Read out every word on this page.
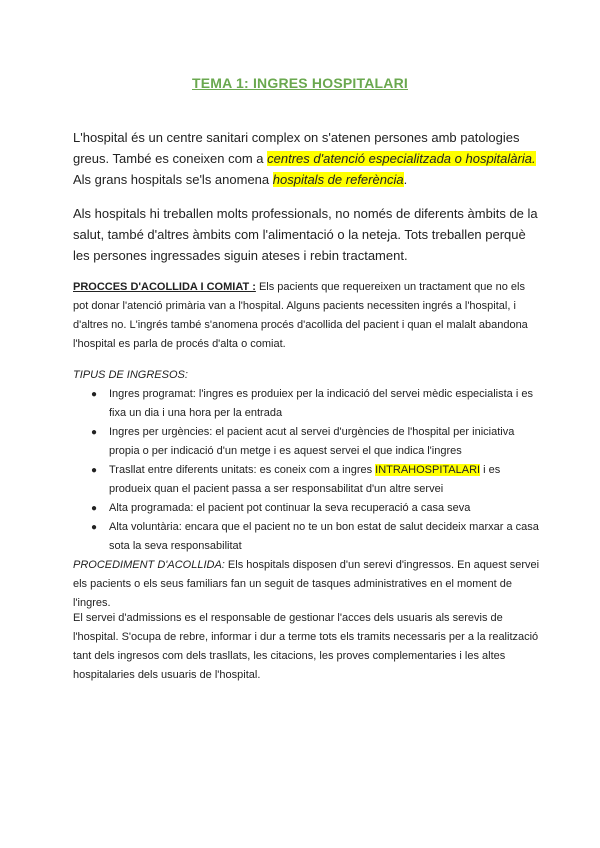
TEMA 1: INGRES HOSPITALARI
L'hospital és un centre sanitari complex on s'atenen persones amb patologies greus. També es coneixen com a centres d'atenció especialitzada o hospitalària. Als grans hospitals se'ls anomena hospitals de referència.
Als hospitals hi treballen molts professionals, no només de diferents àmbits de la salut, també d'altres àmbits com l'alimentació o la neteja. Tots treballen perquè les persones ingressades siguin ateses i rebin tractament.
PROCCES D'ACOLLIDA I COMIAT : Els pacients que requereixen un tractament que no els pot donar l'atenció primària van a l'hospital. Alguns pacients necessiten ingrés a l'hospital, i d'altres no. L'ingrés també s'anomena procés d'acollida del pacient i quan el malalt abandona l'hospital es parla de procés d'alta o comiat.
TIPUS DE INGRESOS:
● Ingres programat: l'ingres es produiex per la indicació del servei mèdic especialista i es fixa un dia i una hora per la entrada
● Ingres per urgències: el pacient acut al servei d'urgències de l'hospital per iniciativa propia o per indicació d'un metge i es aquest servei el que indica l'ingres
● Trasllat entre diferents unitats: es coneix com a ingres INTRAHOSPITALARI i es produeix quan el pacient passa a ser responsabilitat d'un altre servei
● Alta programada: el pacient pot continuar la seva recuperació a casa seva
● Alta voluntària: encara que el pacient no te un bon estat de salut decideix marxar a casa sota la seva responsabilitat
PROCEDIMENT D'ACOLLIDA: Els hospitals disposen d'un serevi d'ingressos. En aquest servei els pacients o els seus familiars fan un seguit de tasques administratives en el moment de l'ingres.
El servei d'admissions es el responsable de gestionar l'acces dels usuaris als serevis de l'hospital. S'ocupa de rebre, informar i dur a terme tots els tramits necessaris per a la realització tant dels ingresos com dels trasllats, les citacions, les proves complementaries i les altes hospitalaries dels usuaris de l'hospital.
